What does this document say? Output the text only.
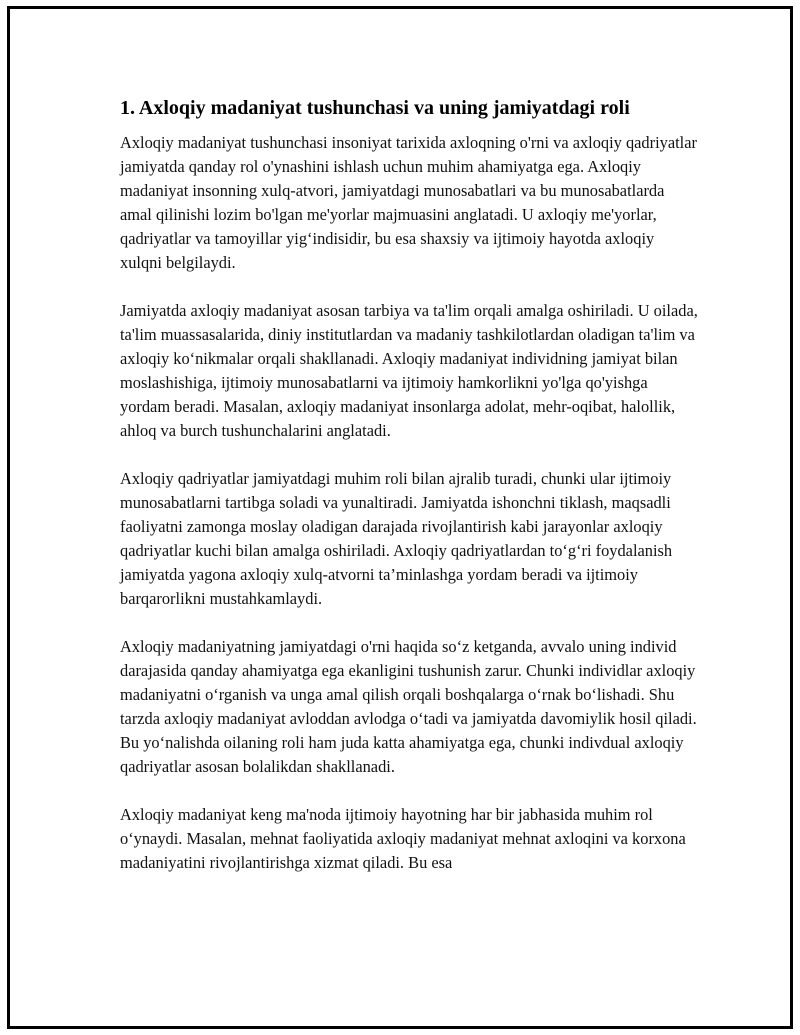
1. Axloqiy madaniyat tushunchasi va uning jamiyatdagi roli

Axloqiy madaniyat tushunchasi insoniyat tarixida axloqning o'rni va axloqiy qadriyatlar jamiyatda qanday rol o'ynashini ishlash uchun muhim ahamiyatga ega. Axloqiy madaniyat insonning xulq-atvori, jamiyatdagi munosabatlari va bu munosabatlarda amal qilinishi lozim bo'lgan me'yorlar majmuasini anglatadi. U axloqiy me'yorlar, qadriyatlar va tamoyillar yig‘indisidir, bu esa shaxsiy va ijtimoiy hayotda axloqiy xulqni belgilaydi.

Jamiyatda axloqiy madaniyat asosan tarbiya va ta'lim orqali amalga oshiriladi. U oilada, ta'lim muassasalarida, diniy institutlardan va madaniy tashkilotlardan oladigan ta'lim va axloqiy ko‘nikmalar orqali shakllanadi. Axloqiy madaniyat individning jamiyat bilan moslashishiga, ijtimoiy munosabatlarni va ijtimoiy hamkorlikni yo'lga qo'yishga yordam beradi. Masalan, axloqiy madaniyat insonlarga adolat, mehr-oqibat, halollik, ahloq va burch tushunchalarini anglatadi.

Axloqiy qadriyatlar jamiyatdagi muhim roli bilan ajralib turadi, chunki ular ijtimoiy munosabatlarni tartibga soladi va yunaltiradi. Jamiyatda ishonchni tiklash, maqsadli faoliyatni zamonga moslay oladigan darajada rivojlantirish kabi jarayonlar axloqiy qadriyatlar kuchi bilan amalga oshiriladi. Axloqiy qadriyatlardan to‘g‘ri foydalanish jamiyatda yagona axloqiy xulq-atvorni ta’minlashga yordam beradi va ijtimoiy barqarorlikni mustahkamlaydi.

Axloqiy madaniyatning jamiyatdagi o'rni haqida so‘z ketganda, avvalo uning individ darajasida qanday ahamiyatga ega ekanligini tushunish zarur. Chunki individlar axloqiy madaniyatni o‘rganish va unga amal qilish orqali boshqalarga o‘rnak bo‘lishadi. Shu tarzda axloqiy madaniyat avloddan avlodga o‘tadi va jamiyatda davomiylik hosil qiladi. Bu yo‘nalishda oilaning roli ham juda katta ahamiyatga ega, chunki indivdual axloqiy qadriyatlar asosan bolalikdan shakllanadi.

Axloqiy madaniyat keng ma'noda ijtimoiy hayotning har bir jabhasida muhim rol o‘ynaydi. Masalan, mehnat faoliyatida axloqiy madaniyat mehnat axloqini va korxona madaniyatini rivojlantirishga xizmat qiladi. Bu esa
